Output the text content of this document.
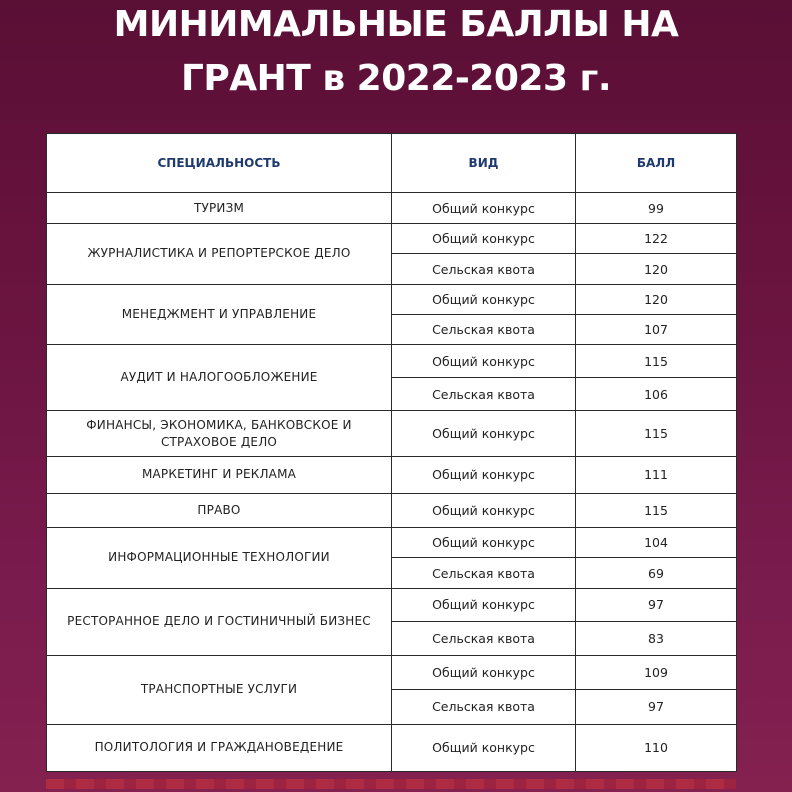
МИНИМАЛЬНЫЕ БАЛЛЫ НА
ГРАНТ в 2022-2023 г.
СПЕЦИАЛЬНОСТЬ	ВИД	БАЛЛ
ТУРИЗМ	Общий конкурс	99
ЖУРНАЛИСТИКА И РЕПОРТЕРСКОЕ ДЕЛО	Общий конкурс	122
	Сельская квота	120
МЕНЕДЖМЕНТ И УПРАВЛЕНИЕ	Общий конкурс	120
	Сельская квота	107
АУДИТ И НАЛОГООБЛОЖЕНИЕ	Общий конкурс	115
	Сельская квота	106
ФИНАНСЫ, ЭКОНОМИКА, БАНКОВСКОЕ И СТРАХОВОЕ ДЕЛО	Общий конкурс	115
МАРКЕТИНГ И РЕКЛАМА	Общий конкурс	111
ПРАВО	Общий конкурс	115
ИНФОРМАЦИОННЫЕ ТЕХНОЛОГИИ	Общий конкурс	104
	Сельская квота	69
РЕСТОРАННОЕ ДЕЛО И ГОСТИНИЧНЫЙ БИЗНЕС	Общий конкурс	97
	Сельская квота	83
ТРАНСПОРТНЫЕ УСЛУГИ	Общий конкурс	109
	Сельская квота	97
ПОЛИТОЛОГИЯ И ГРАЖДАНОВЕДЕНИЕ	Общий конкурс	110
